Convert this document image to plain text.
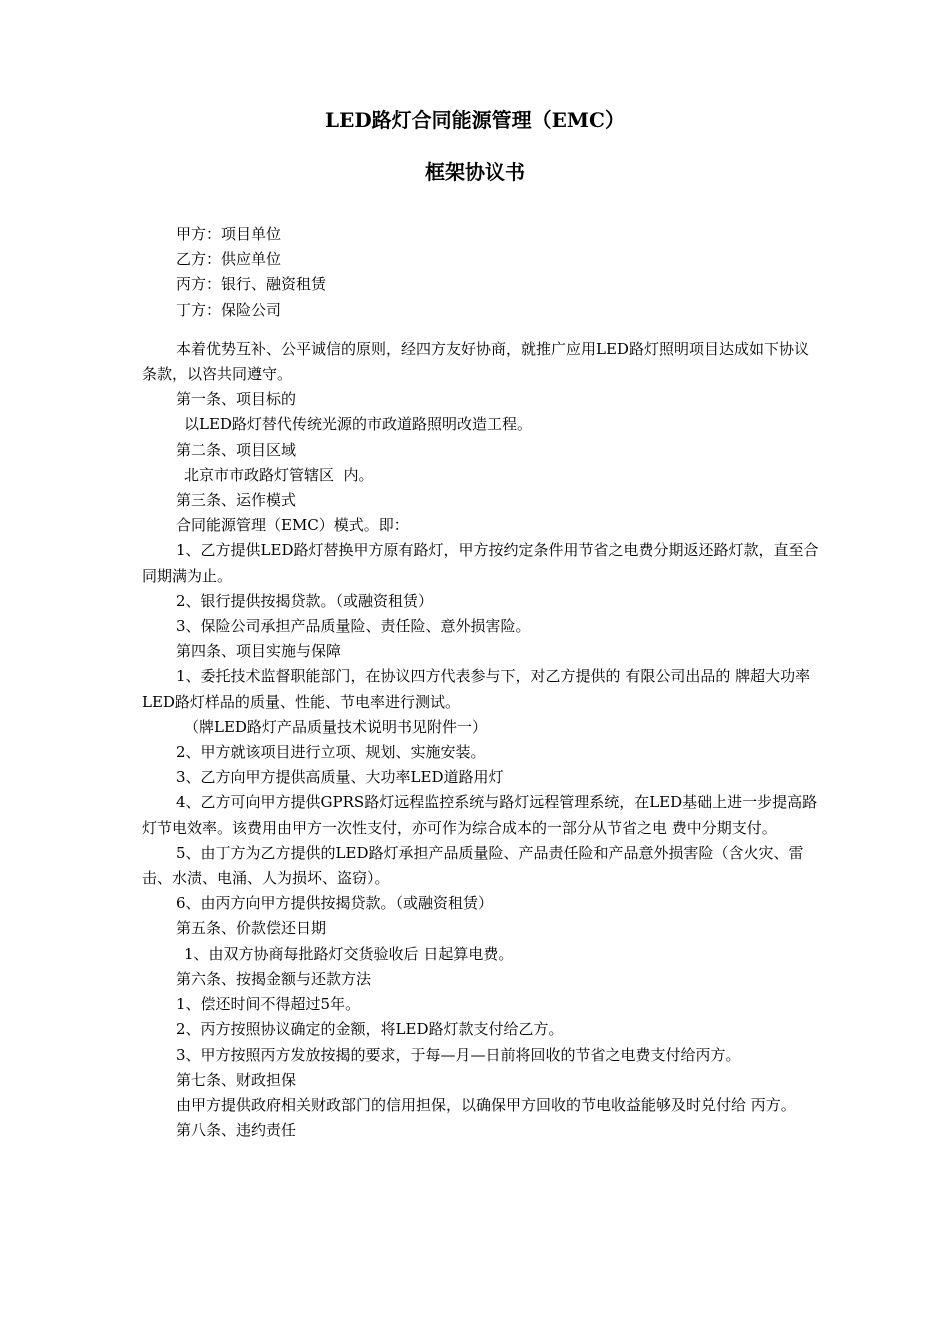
LED路灯合同能源管理（EMC）
框架协议书

甲方：项目单位

乙方：供应单位

丙方：银行、融资租赁

丁方：保险公司

本着优势互补、公平诚信的原则，经四方友好协商，就推广应用LED路灯照明项目达成如下协议条款，以咨共同遵守。

第一条、项目标的

以LED路灯替代传统光源的市政道路照明改造工程。

第二条、项目区域

北京市市政路灯管辖区  内。

第三条、运作模式

合同能源管理（EMC）模式。即：

1、乙方提供LED路灯替换甲方原有路灯，甲方按约定条件用节省之电费分期返还路灯款，直至合同期满为止。

2、银行提供按揭贷款。（或融资租赁）

3、保险公司承担产品质量险、责任险、意外损害险。

第四条、项目实施与保障

1、委托技术监督职能部门，在协议四方代表参与下，对乙方提供的 有限公司出品的 牌超大功率LED路灯样品的质量、性能、节电率进行测试。

（牌LED路灯产品质量技术说明书见附件一）

2、甲方就该项目进行立项、规划、实施安装。

3、乙方向甲方提供高质量、大功率LED道路用灯

4、乙方可向甲方提供GPRS路灯远程监控系统与路灯远程管理系统，在LED基础上进一步提高路灯节电效率。该费用由甲方一次性支付，亦可作为综合成本的一部分从节省之电 费中分期支付。

5、由丁方为乙方提供的LED路灯承担产品质量险、产品责任险和产品意外损害险（含火灾、雷击、水渍、电涌、人为损坏、盗窃）。

6、由丙方向甲方提供按揭贷款。（或融资租赁）

第五条、价款偿还日期

1、由双方协商每批路灯交货验收后 日起算电费。

第六条、按揭金额与还款方法

1、偿还时间不得超过5年。

2、丙方按照协议确定的金额，将LED路灯款支付给乙方。

3、甲方按照丙方发放按揭的要求，于每—月—日前将回收的节省之电费支付给丙方。

第七条、财政担保

由甲方提供政府相关财政部门的信用担保，以确保甲方回收的节电收益能够及时兑付给 丙方。

第八条、违约责任
